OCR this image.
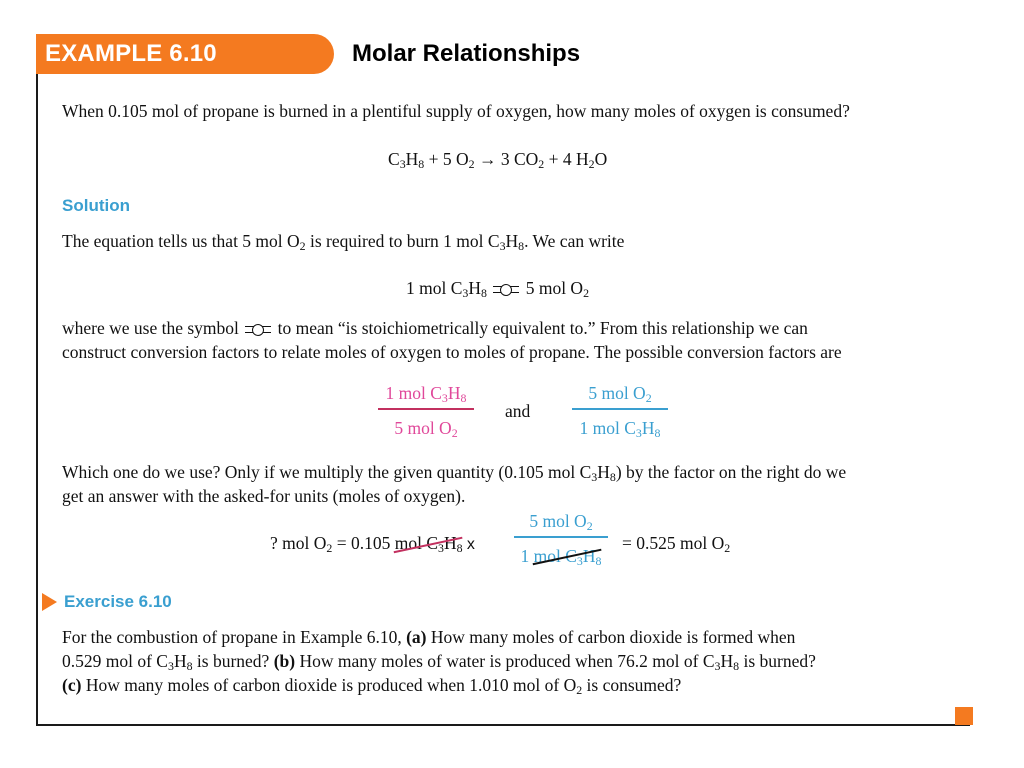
EXAMPLE 6.10	Molar Relationships
When 0.105 mol of propane is burned in a plentiful supply of oxygen, how many moles of oxygen is consumed?
$C_3H_8 + 5$ $O_2 \to 3$ $CO_2 + 4$ $H_2O$
Solution
The equation tells us that 5 mol $O_2$ is required to burn 1 mol $C_3H_8$. We can write
1 mol $C_3H_8$ 5 mol $O_2$
where we use the symbol to mean “is stoichiometrically equivalent to.” From this relationship we can
construct conversion factors to relate moles of oxygen to moles of propane. The possible conversion factors are
1 mol $C_3H_8$
5 mol $O_2$
and
5 mol $O_2$
1 mol $C_3H_8$
Which one do we use? Only if we multiply the given quantity (0.105 mol $C_3H_8$) by the factor on the right do we
get an answer with the asked-for units (moles of oxygen).
? mol $O_2 = 0.105$ mol $C_3H$
$_8$ x
5 mol $O_2$
1 mol $C_3H$
$_8$
= 0.525 mol $O_2$
Exercise 6.10
For the combustion of propane in Example 6.10, (a) How many moles of carbon dioxide is formed when
0.529 mol of $C_3H_8$ is burned? (b) How many moles of water is produced when 76.2 mol of $C_3H_8$ is burned?
(c) How many moles of carbon dioxide is produced when 1.010 mol of $O_2$ is consumed?
